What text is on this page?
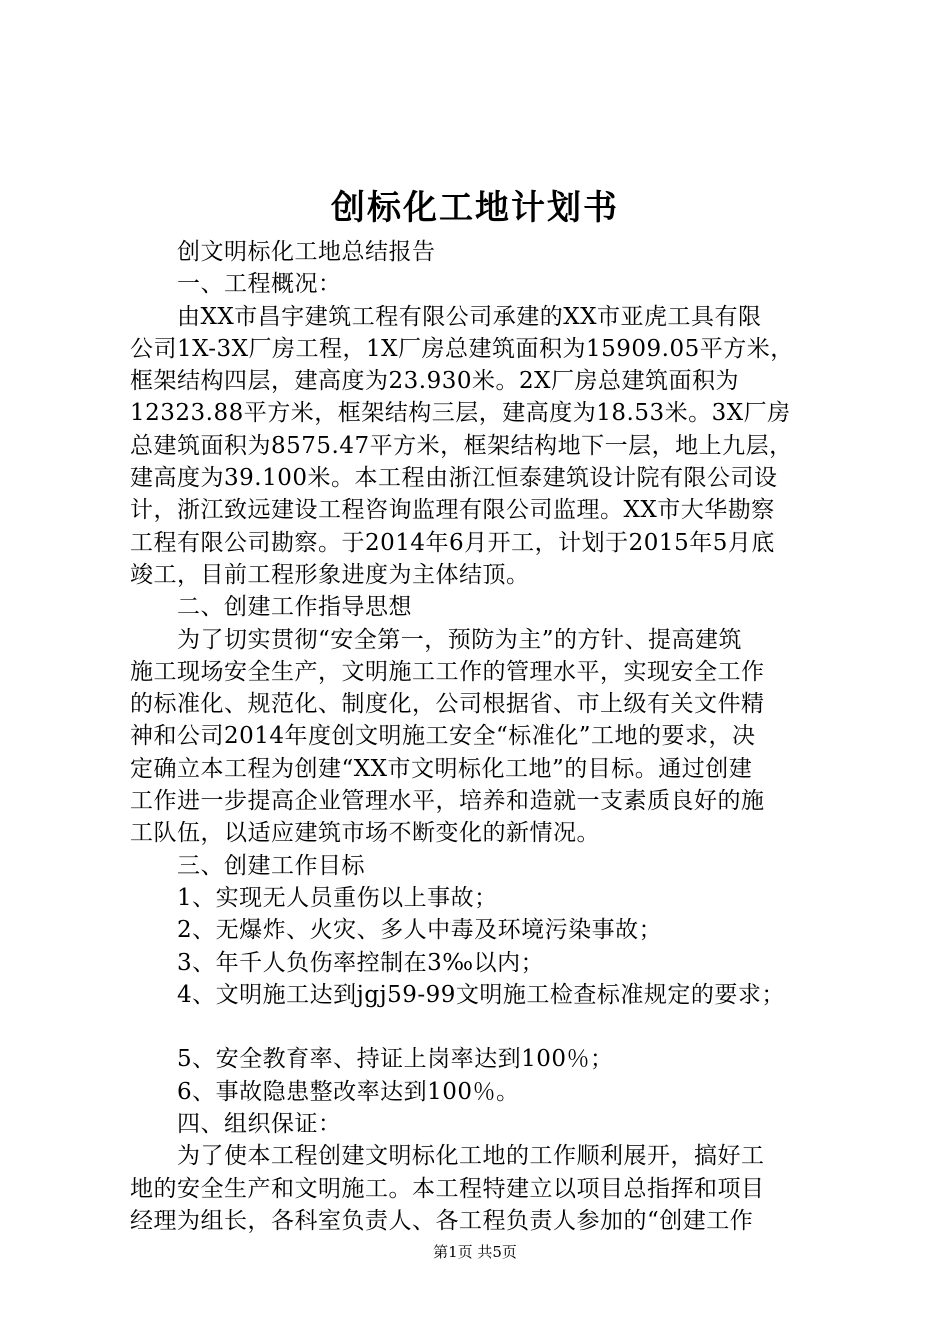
创标化工地计划书
创文明标化工地总结报告
一、工程概况：
由XX市昌宇建筑工程有限公司承建的XX市亚虎工具有限
公司1X-3X厂房工程，1X厂房总建筑面积为15909.05平方米，
框架结构四层，建高度为23.930米。2X厂房总建筑面积为
12323.88平方米，框架结构三层，建高度为18.53米。3X厂房
总建筑面积为8575.47平方米，框架结构地下一层，地上九层，
建高度为39.100米。本工程由浙江恒泰建筑设计院有限公司设
计，浙江致远建设工程咨询监理有限公司监理。XX市大华勘察
工程有限公司勘察。于2014年6月开工，计划于2015年5月底
竣工，目前工程形象进度为主体结顶。
二、创建工作指导思想
为了切实贯彻“安全第一，预防为主”的方针、提高建筑
施工现场安全生产，文明施工工作的管理水平，实现安全工作
的标准化、规范化、制度化，公司根据省、市上级有关文件精
神和公司2014年度创文明施工安全“标准化”工地的要求，决
定确立本工程为创建“XX市文明标化工地”的目标。通过创建
工作进一步提高企业管理水平，培养和造就一支素质良好的施
工队伍，以适应建筑市场不断变化的新情况。
三、创建工作目标
1、实现无人员重伤以上事故；
2、无爆炸、火灾、多人中毒及环境污染事故；
3、年千人负伤率控制在3‰以内；
4、文明施工达到jgj59-99文明施工检查标准规定的要求；
5、安全教育率、持证上岗率达到100％；
6、事故隐患整改率达到100％。
四、组织保证：
为了使本工程创建文明标化工地的工作顺利展开，搞好工
地的安全生产和文明施工。本工程特建立以项目总指挥和项目
经理为组长，各科室负责人、各工程负责人参加的“创建工作
第1页 共5页
